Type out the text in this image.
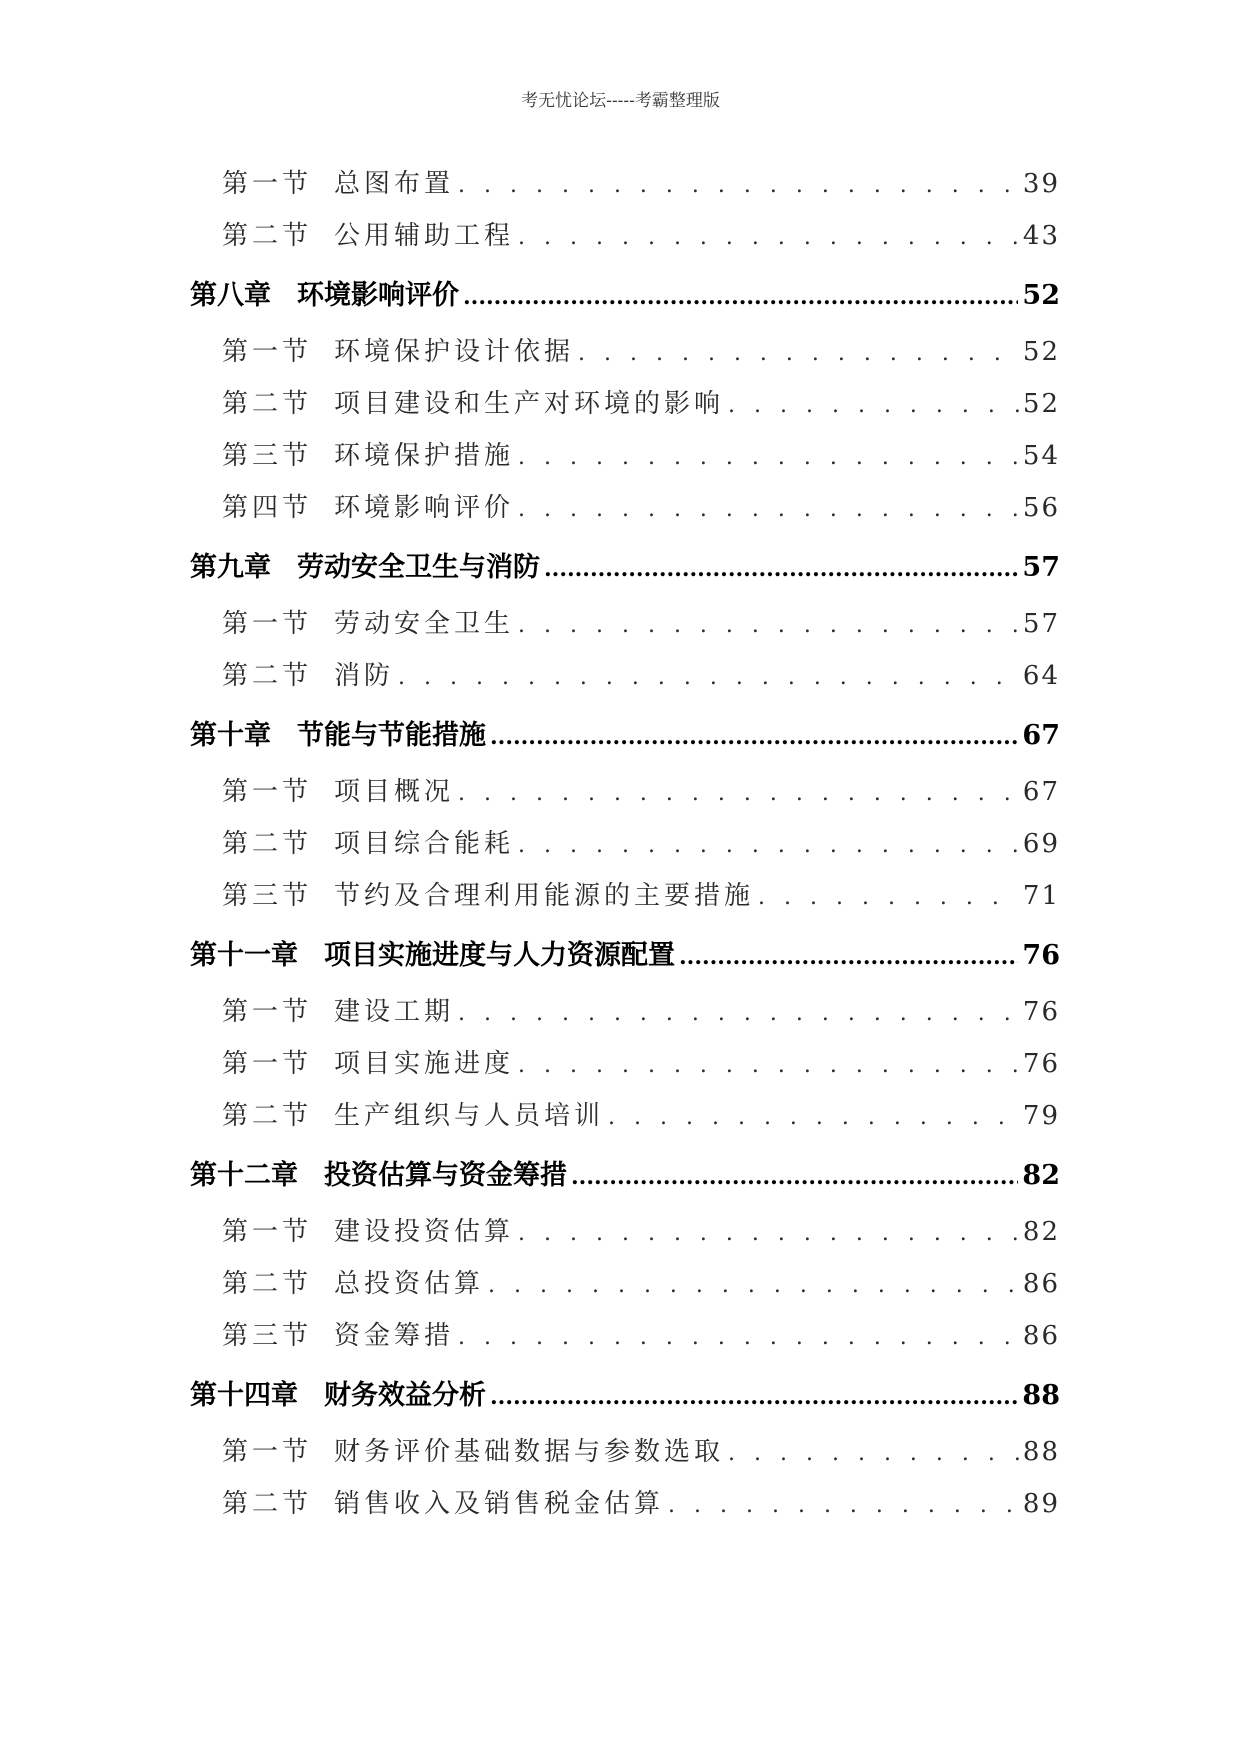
考无忧论坛-----考霸整理版
第一节 总图布置 . . .	39
第二节 公用辅助工程 . . .	43
第八章 环境影响评价 .....	52
第一节 环境保护设计依据 . . .	52
第二节 项目建设和生产对环境的影响 . . .	52
第三节 环境保护措施 . . .	54
第四节 环境影响评价 . . .	56
第九章 劳动安全卫生与消防 .....	57
第一节 劳动安全卫生 . . .	57
第二节 消防 . . .	64
第十章 节能与节能措施 .....	67
第一节 项目概况 . . .	67
第二节 项目综合能耗 . . .	69
第三节 节约及合理利用能源的主要措施 . . .	71
第十一章 项目实施进度与人力资源配置 .....	76
第一节 建设工期 . . .	76
第一节 项目实施进度 . . .	76
第二节 生产组织与人员培训 . . .	79
第十二章 投资估算与资金筹措 .....	82
第一节 建设投资估算 . . .	82
第二节 总投资估算 . . .	86
第三节 资金筹措 . . .	86
第十四章 财务效益分析 .....	88
第一节 财务评价基础数据与参数选取 . . .	88
第二节 销售收入及销售税金估算 . . .	89
